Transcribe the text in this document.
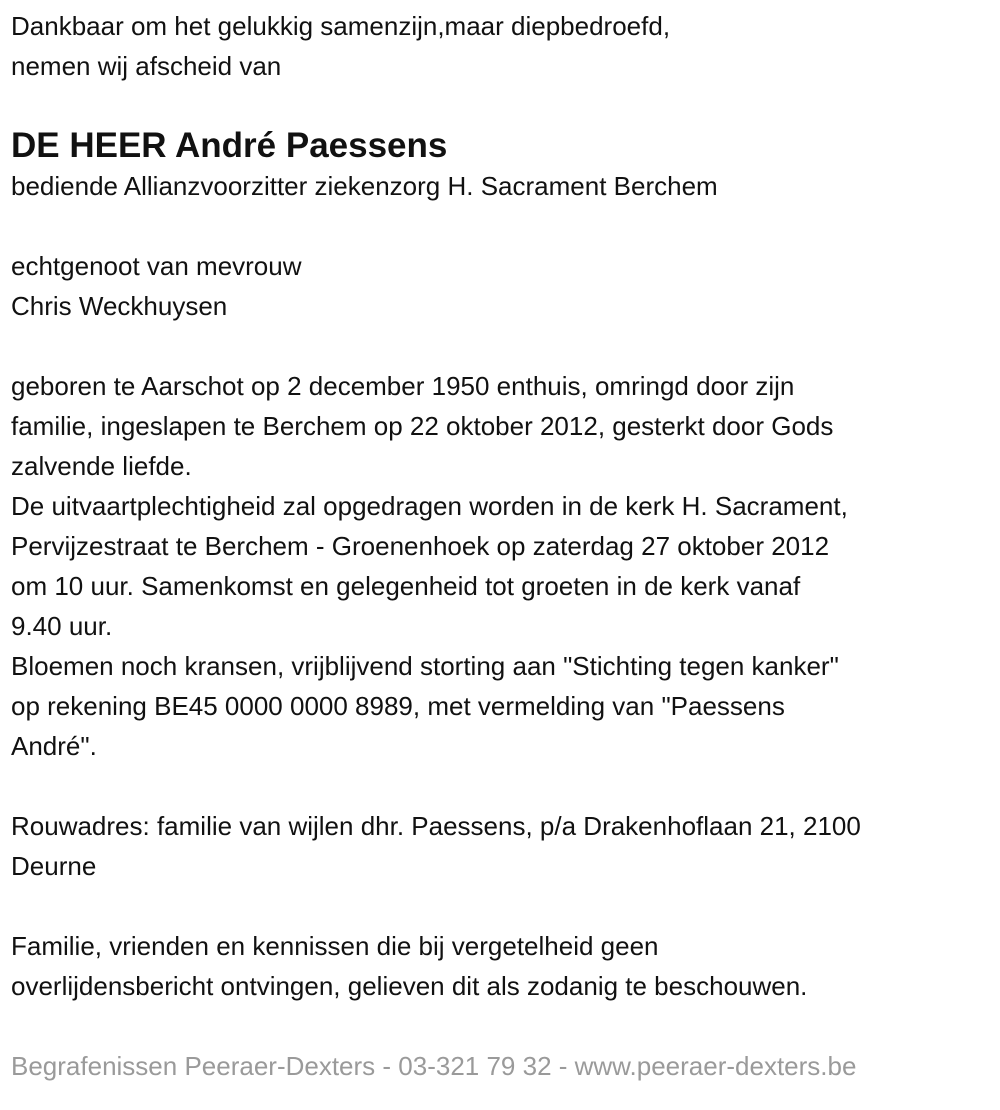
Dankbaar om het gelukkig samenzijn,maar diepbedroefd,
nemen wij afscheid van
DE HEER André Paessens
bediende Allianzvoorzitter ziekenzorg H. Sacrament Berchem
echtgenoot van mevrouw
Chris Weckhuysen
geboren te Aarschot op 2 december 1950 enthuis, omringd door zijn
familie, ingeslapen te Berchem op 22 oktober 2012, gesterkt door Gods
zalvende liefde.
De uitvaartplechtigheid zal opgedragen worden in de kerk H. Sacrament,
Pervijzestraat te Berchem - Groenenhoek op zaterdag 27 oktober 2012
om 10 uur. Samenkomst en gelegenheid tot groeten in de kerk vanaf
9.40 uur.
Bloemen noch kransen, vrijblijvend storting aan "Stichting tegen kanker"
op rekening BE45 0000 0000 8989, met vermelding van "Paessens
André".
Rouwadres: familie van wijlen dhr. Paessens, p/a Drakenhoflaan 21, 2100
Deurne
Familie, vrienden en kennissen die bij vergetelheid geen
overlijdensbericht ontvingen, gelieven dit als zodanig te beschouwen.
Begrafenissen Peeraer-Dexters - 03-321 79 32 - www.peeraer-dexters.be
